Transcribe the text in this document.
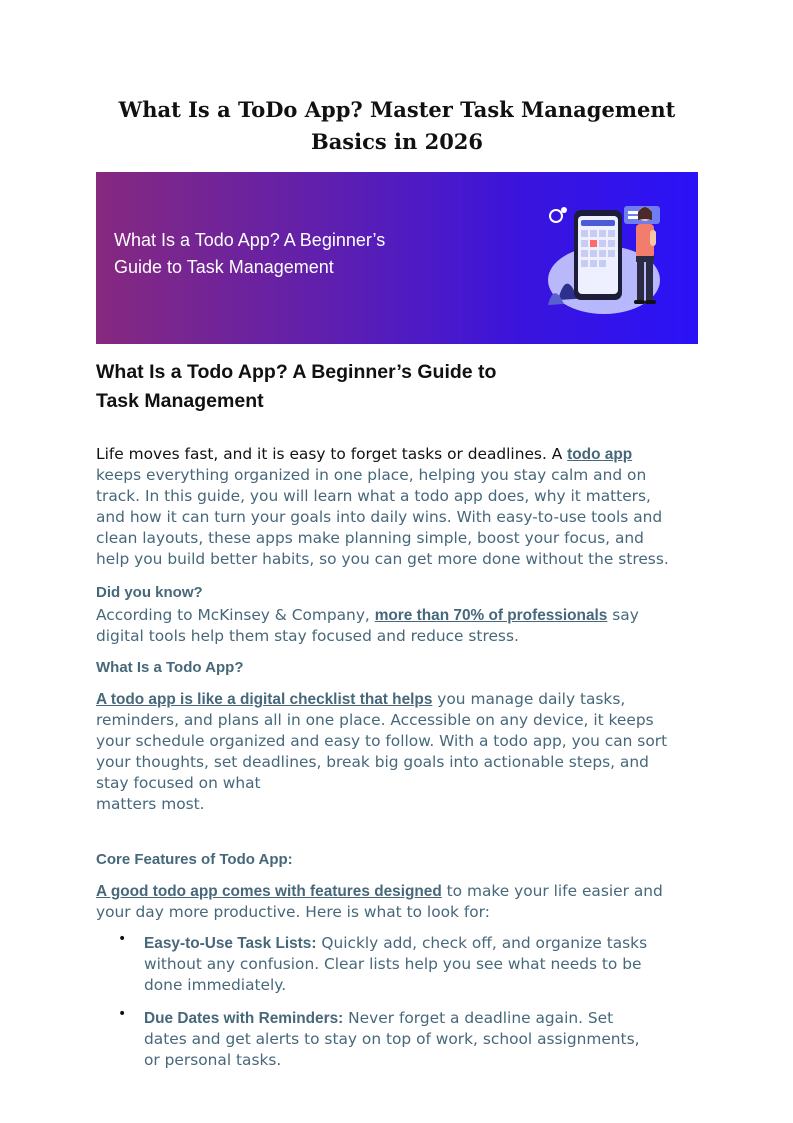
What Is a ToDo App? Master Task Management Basics in 2026
What Is a Todo App? A Beginner’s
Guide to Task Management
What Is a Todo App? A Beginner’s Guide to
Task Management

Life moves fast, and it is easy to forget tasks or deadlines. A todo app
keeps everything organized in one place, helping you stay calm and on
track. In this guide, you will learn what a todo app does, why it matters,
and how it can turn your goals into daily wins. With easy-to-use tools and
clean layouts, these apps make planning simple, boost your focus, and
help you build better habits, so you can get more done without the stress.

Did you know?

According to McKinsey & Company, more than 70% of professionals say
digital tools help them stay focused and reduce stress.

What Is a Todo App?

A todo app is like a digital checklist that helps you manage daily tasks,
reminders, and plans all in one place. Accessible on any device, it keeps
your schedule organized and easy to follow. With a todo app, you can sort
your thoughts, set deadlines, break big goals into actionable steps, and
stay focused on what
matters most.

Core Features of Todo App:

A good todo app comes with features designed to make your life easier and
your day more productive. Here is what to look for:

• Easy-to-Use Task Lists: Quickly add, check off, and organize tasks
without any confusion. Clear lists help you see what needs to be
done immediately.
• Due Dates with Reminders: Never forget a deadline again. Set
dates and get alerts to stay on top of work, school assignments,
or personal tasks.
